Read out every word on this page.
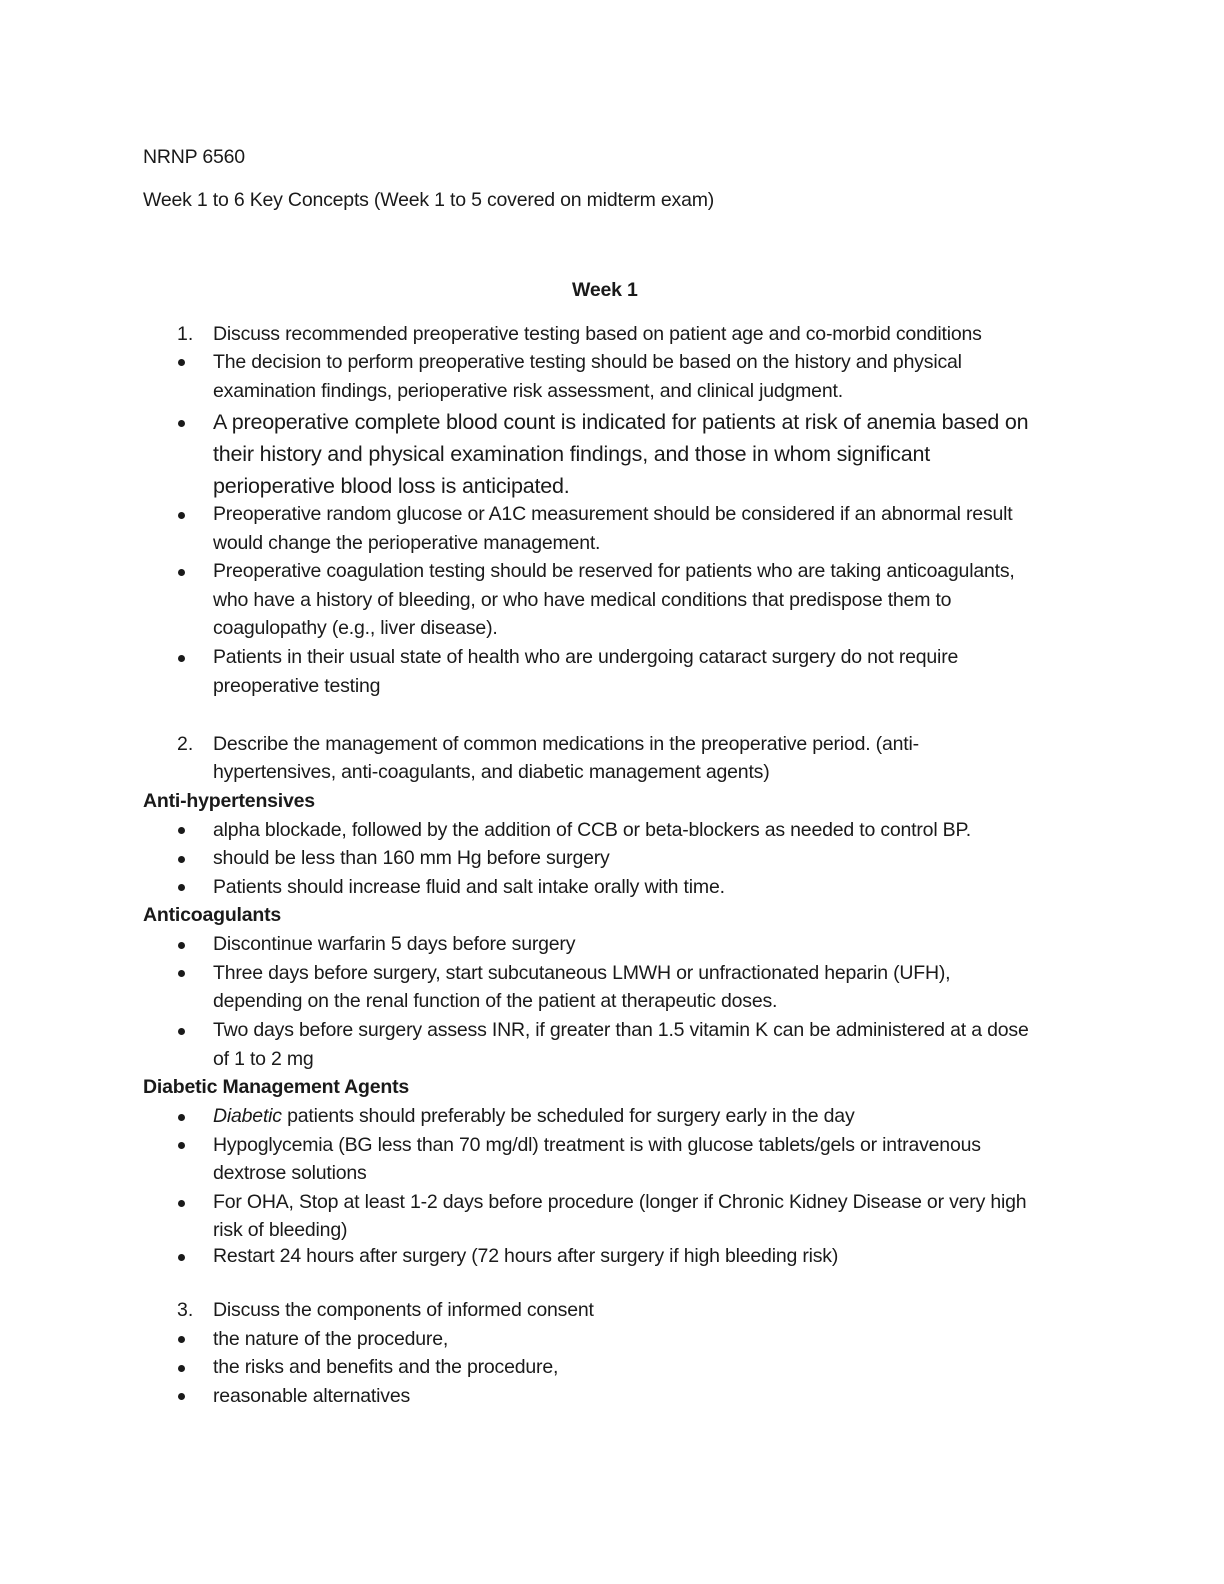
NRNP 6560
Week 1 to 6 Key Concepts (Week 1 to 5 covered on midterm exam)
Week 1
1. Discuss recommended preoperative testing based on patient age and co-morbid conditions
The decision to perform preoperative testing should be based on the history and physical
examination findings, perioperative risk assessment, and clinical judgment.
A preoperative complete blood count is indicated for patients at risk of anemia based on
their history and physical examination findings, and those in whom significant
perioperative blood loss is anticipated.
Preoperative random glucose or A1C measurement should be considered if an abnormal result
would change the perioperative management.
Preoperative coagulation testing should be reserved for patients who are taking anticoagulants,
who have a history of bleeding, or who have medical conditions that predispose them to
coagulopathy (e.g., liver disease).
Patients in their usual state of health who are undergoing cataract surgery do not require
preoperative testing
2. Describe the management of common medications in the preoperative period. (anti-
hypertensives, anti-coagulants, and diabetic management agents)
Anti-hypertensives
alpha blockade, followed by the addition of CCB or beta-blockers as needed to control BP.
should be less than 160 mm Hg before surgery
Patients should increase fluid and salt intake orally with time.
Anticoagulants
Discontinue warfarin 5 days before surgery
Three days before surgery, start subcutaneous LMWH or unfractionated heparin (UFH),
depending on the renal function of the patient at therapeutic doses.
Two days before surgery assess INR, if greater than 1.5 vitamin K can be administered at a dose
of 1 to 2 mg
Diabetic Management Agents
Diabetic patients should preferably be scheduled for surgery early in the day
Hypoglycemia (BG less than 70 mg/dl) treatment is with glucose tablets/gels or intravenous
dextrose solutions
For OHA, Stop at least 1-2 days before procedure (longer if Chronic Kidney Disease or very high
risk of bleeding)
Restart 24 hours after surgery (72 hours after surgery if high bleeding risk)
3. Discuss the components of informed consent
the nature of the procedure,
the risks and benefits and the procedure,
reasonable alternatives
